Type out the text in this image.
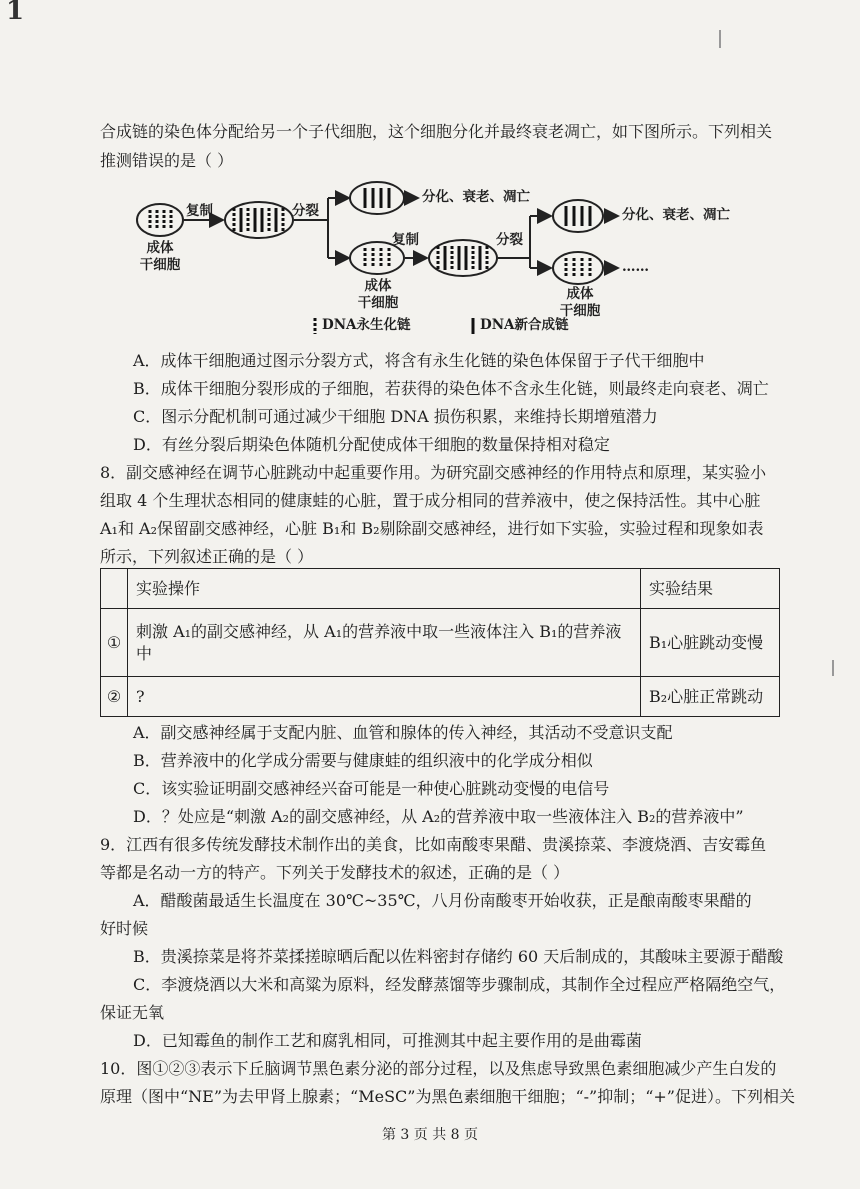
1
合成链的染色体分配给另一个子代细胞，这个细胞分化并最终衰老凋亡，如下图所示。下列相关
推测错误的是（ ）
复制	分裂
成体
干细胞
分化、衰老、凋亡
复制
成体
干细胞
分裂
分化、衰老、凋亡
成体
干细胞
……
DNA永生化链	DNA新合成链
A．成体干细胞通过图示分裂方式，将含有永生化链的染色体保留于子代干细胞中
B．成体干细胞分裂形成的子细胞，若获得的染色体不含永生化链，则最终走向衰老、凋亡
C．图示分配机制可通过减少干细胞 DNA 损伤积累，来维持长期增殖潜力
D．有丝分裂后期染色体随机分配使成体干细胞的数量保持相对稳定
8．副交感神经在调节心脏跳动中起重要作用。为研究副交感神经的作用特点和原理，某实验小
组取 4 个生理状态相同的健康蛙的心脏，置于成分相同的营养液中，使之保持活性。其中心脏
A₁和 A₂保留副交感神经，心脏 B₁和 B₂剔除副交感神经，进行如下实验，实验过程和现象如表
所示，下列叙述正确的是（ ）
	实验操作	实验结果
①	刺激 A₁的副交感神经，从 A₁的营养液中取一些液体注入 B₁的营养液中	B₁心脏跳动变慢
②	?	B₂心脏正常跳动
A．副交感神经属于支配内脏、血管和腺体的传入神经，其活动不受意识支配
B．营养液中的化学成分需要与健康蛙的组织液中的化学成分相似
C．该实验证明副交感神经兴奋可能是一种使心脏跳动变慢的电信号
D．？处应是“刺激 A₂的副交感神经，从 A₂的营养液中取一些液体注入 B₂的营养液中”
9．江西有很多传统发酵技术制作出的美食，比如南酸枣果醋、贵溪捺菜、李渡烧酒、吉安霉鱼
等都是名动一方的特产。下列关于发酵技术的叙述，正确的是（ ）
A．醋酸菌最适生长温度在 30℃~35℃，八月份南酸枣开始收获，正是酿南酸枣果醋的
好时候
B．贵溪捺菜是将芥菜揉搓晾晒后配以佐料密封存储约 60 天后制成的，其酸味主要源于醋酸
C．李渡烧酒以大米和高粱为原料，经发酵蒸馏等步骤制成，其制作全过程应严格隔绝空气，
保证无氧
D．已知霉鱼的制作工艺和腐乳相同，可推测其中起主要作用的是曲霉菌
10．图①②③表示下丘脑调节黑色素分泌的部分过程，以及焦虑导致黑色素细胞减少产生白发的
原理（图中“NE”为去甲肾上腺素；“MeSC”为黑色素细胞干细胞；“-”抑制；“+”促进）。下列相关
第 3 页 共 8 页
